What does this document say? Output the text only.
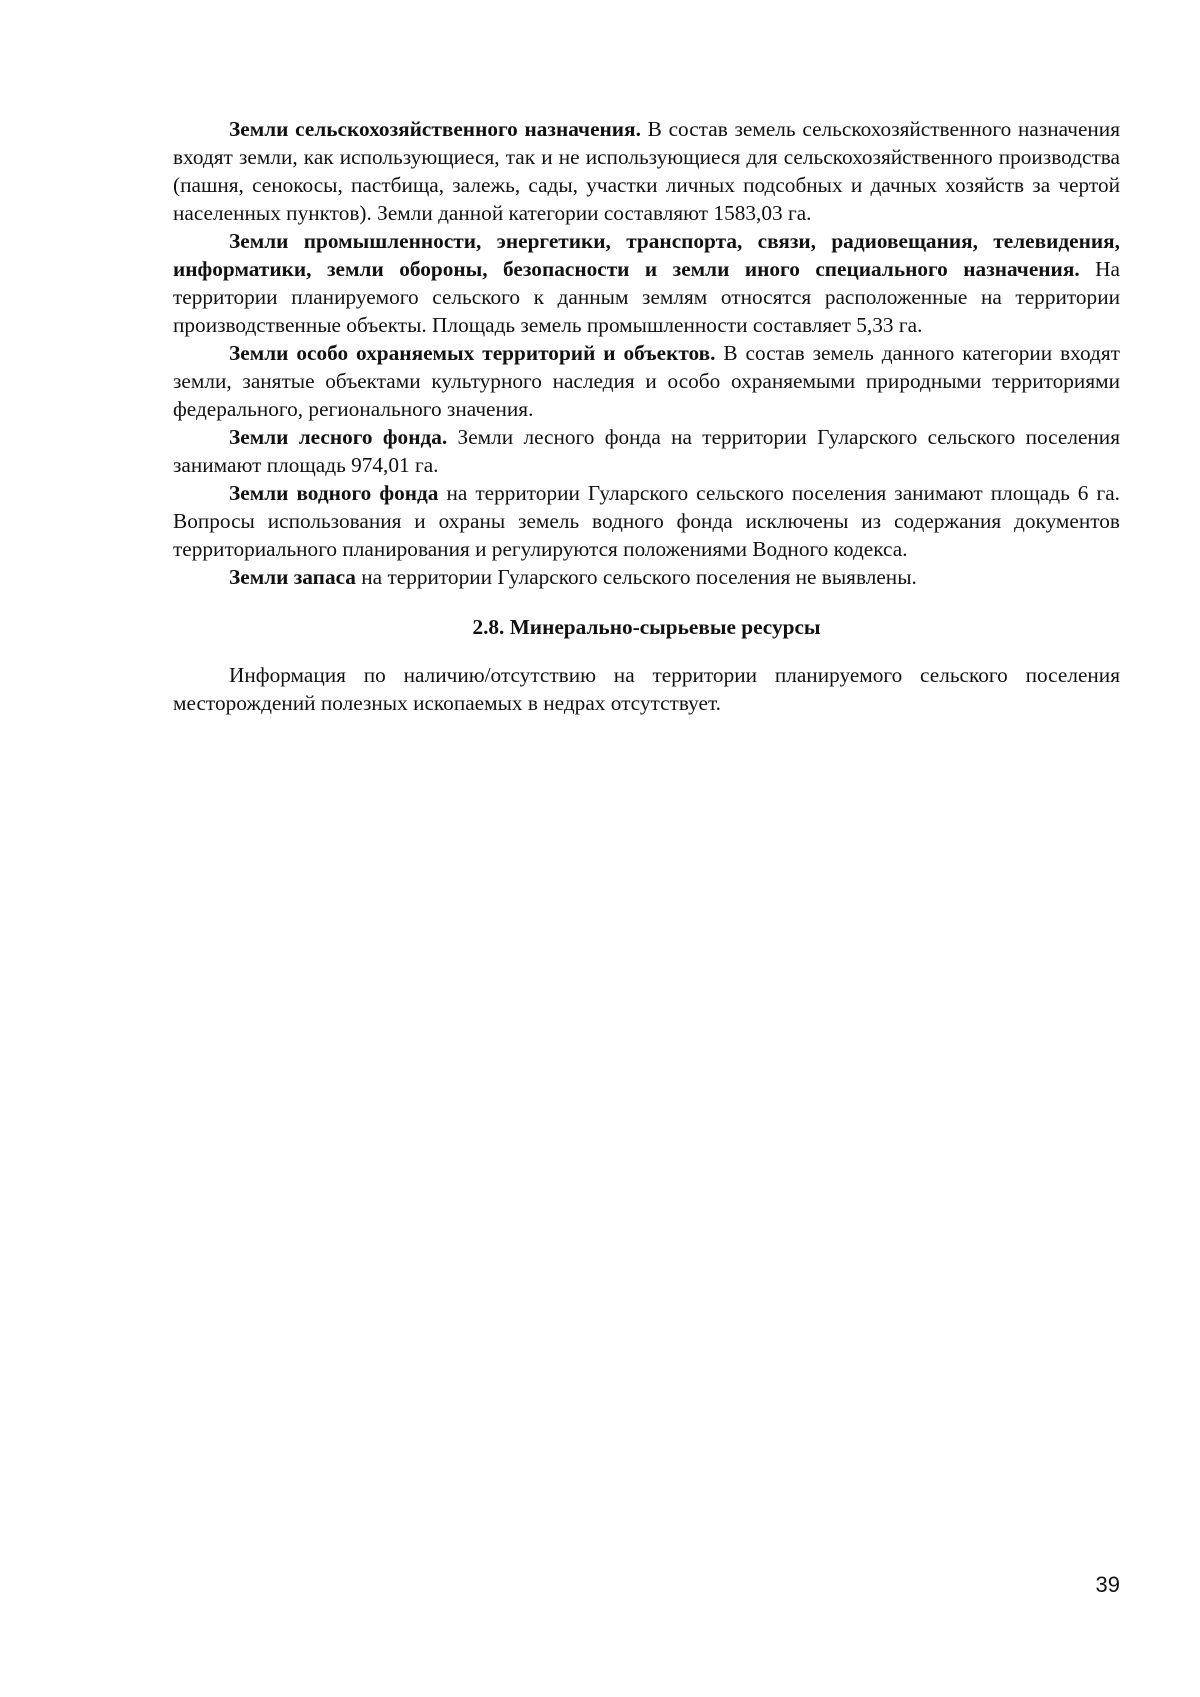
Земли сельскохозяйственного назначения. В состав земель сельскохозяйственного назначения входят земли, как использующиеся, так и не использующиеся для сельскохозяйственного производства (пашня, сенокосы, пастбища, залежь, сады, участки личных подсобных и дачных хозяйств за чертой населенных пунктов). Земли данной категории составляют 1583,03 га.

Земли промышленности, энергетики, транспорта, связи, радиовещания, телевидения, информатики, земли обороны, безопасности и земли иного специального назначения. На территории планируемого сельского к данным землям относятся расположенные на территории производственные объекты. Площадь земель промышленности составляет 5,33 га.

Земли особо охраняемых территорий и объектов. В состав земель данного категории входят земли, занятые объектами культурного наследия и особо охраняемыми природными территориями федерального, регионального значения.

Земли лесного фонда. Земли лесного фонда на территории Гуларского сельского поселения занимают площадь 974,01 га.

Земли водного фонда на территории Гуларского сельского поселения занимают площадь 6 га. Вопросы использования и охраны земель водного фонда исключены из содержания документов территориального планирования и регулируются положениями Водного кодекса.

Земли запаса на территории Гуларского сельского поселения не выявлены.

2.8. Минерально-сырьевые ресурсы

Информация по наличию/отсутствию на территории планируемого сельского поселения месторождений полезных ископаемых в недрах отсутствует.

39
